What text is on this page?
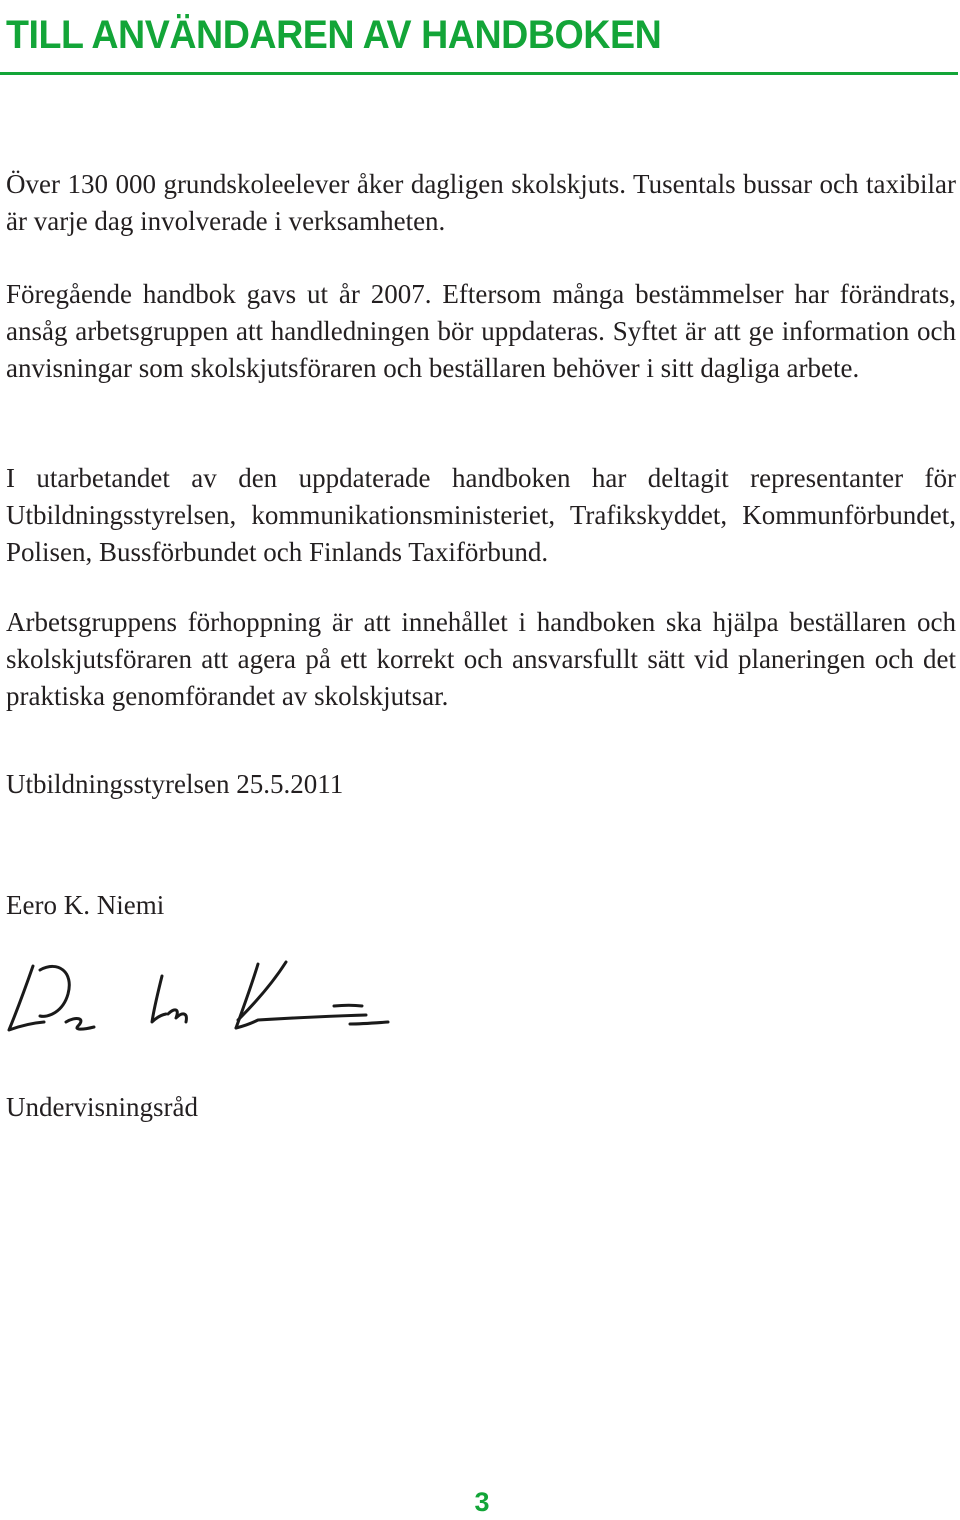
TILL ANVÄNDAREN AV HANDBOKEN

Över 130 000 grundskoleelever åker dagligen skolskjuts. Tusentals bussar och taxibilar är varje dag involverade i verksamheten.

Föregående handbok gavs ut år 2007. Eftersom många bestämmelser har förändrats, ansåg arbetsgruppen att handledningen bör uppdateras. Syftet är att ge information och anvisningar som skolskjutsföraren och beställaren behöver i sitt dagliga arbete.

I utarbetandet av den uppdaterade handboken har deltagit representanter för Utbildningsstyrelsen, kommunikationsministeriet, Trafikskyddet, Kommunförbundet, Polisen, Bussförbundet och Finlands Taxiförbund.

Arbetsgruppens förhoppning är att innehållet i handboken ska hjälpa beställaren och skolskjutsföraren att agera på ett korrekt och ansvarsfullt sätt vid planeringen och det praktiska genomförandet av skolskjutsar.

Utbildningsstyrelsen 25.5.2011

Eero K. Niemi

Undervisningsråd

3
